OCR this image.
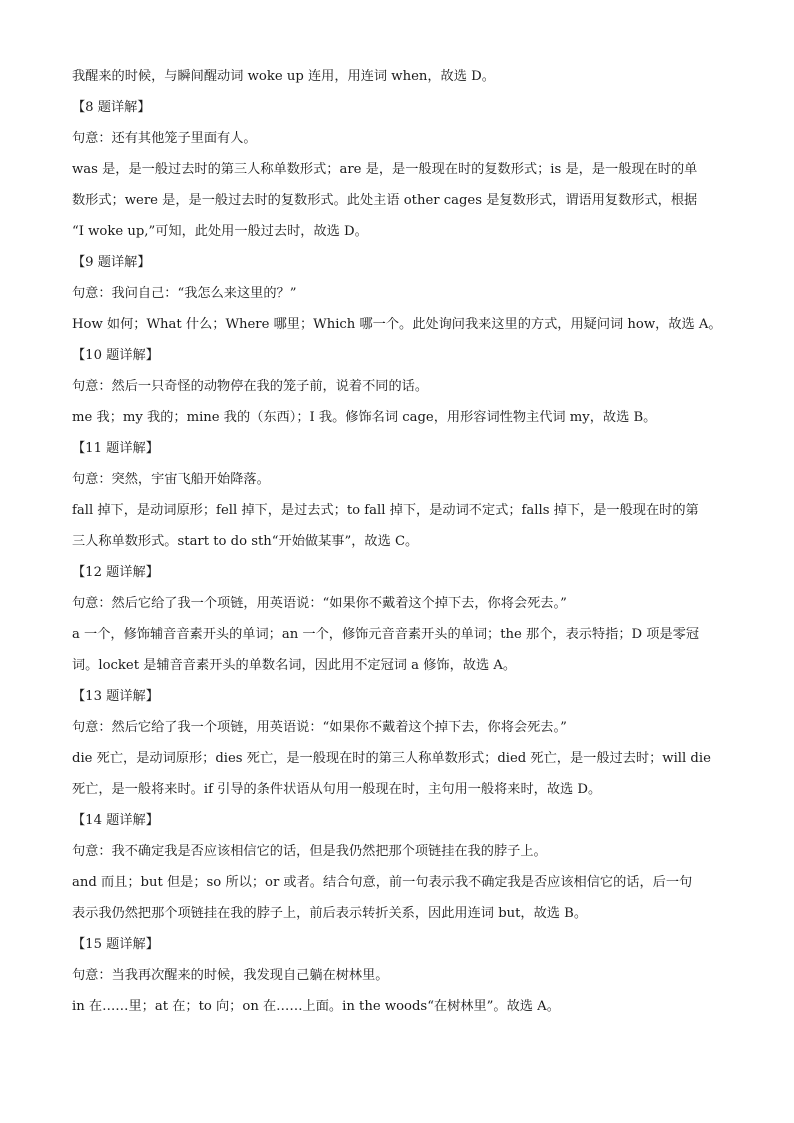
我醒来的时候，与瞬间醒动词 woke up 连用，用连词 when，故选 D。
【8 题详解】
句意：还有其他笼子里面有人。
was 是，是一般过去时的第三人称单数形式；are 是，是一般现在时的复数形式；is 是，是一般现在时的单
数形式；were 是，是一般过去时的复数形式。此处主语 other cages 是复数形式，谓语用复数形式，根据
“I woke up,”可知，此处用一般过去时，故选 D。
【9 题详解】
句意：我问自己：“我怎么来这里的？”
How 如何；What 什么；Where 哪里；Which 哪一个。此处询问我来这里的方式，用疑问词 how，故选 A。
【10 题详解】
句意：然后一只奇怪的动物停在我的笼子前，说着不同的话。
me 我；my 我的；mine 我的（东西）；I 我。修饰名词 cage，用形容词性物主代词 my，故选 B。
【11 题详解】
句意：突然，宇宙飞船开始降落。
fall 掉下，是动词原形；fell 掉下，是过去式；to fall 掉下，是动词不定式；falls 掉下，是一般现在时的第
三人称单数形式。start to do sth“开始做某事”，故选 C。
【12 题详解】
句意：然后它给了我一个项链，用英语说：“如果你不戴着这个掉下去，你将会死去。”
a 一个，修饰辅音音素开头的单词；an 一个，修饰元音音素开头的单词；the 那个，表示特指；D 项是零冠
词。locket 是辅音音素开头的单数名词，因此用不定冠词 a 修饰，故选 A。
【13 题详解】
句意：然后它给了我一个项链，用英语说：“如果你不戴着这个掉下去，你将会死去。”
die 死亡，是动词原形；dies 死亡，是一般现在时的第三人称单数形式；died 死亡，是一般过去时；will die
死亡，是一般将来时。if 引导的条件状语从句用一般现在时，主句用一般将来时，故选 D。
【14 题详解】
句意：我不确定我是否应该相信它的话，但是我仍然把那个项链挂在我的脖子上。
and 而且；but 但是；so 所以；or 或者。结合句意，前一句表示我不确定我是否应该相信它的话，后一句
表示我仍然把那个项链挂在我的脖子上，前后表示转折关系，因此用连词 but，故选 B。
【15 题详解】
句意：当我再次醒来的时候，我发现自己躺在树林里。
in 在……里；at 在；to 向；on 在……上面。in the woods“在树林里”。故选 A。
